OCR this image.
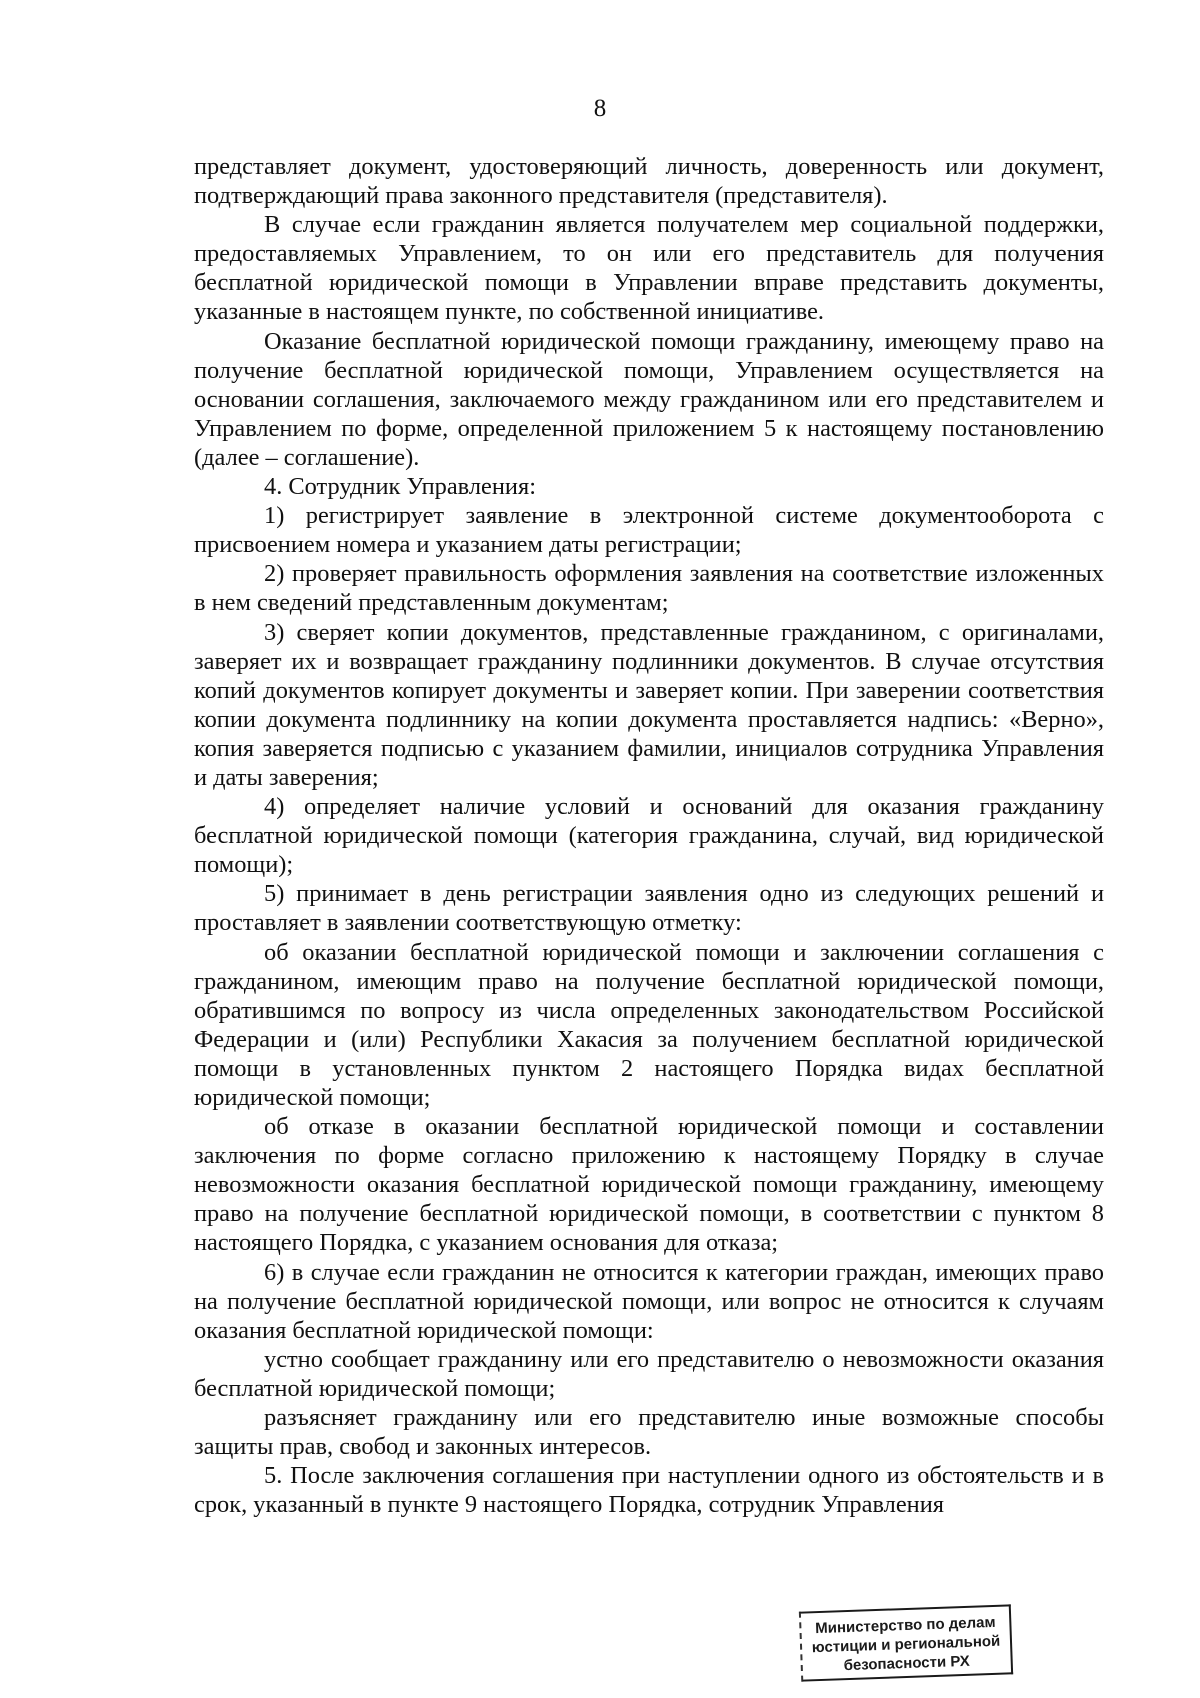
8

представляет документ, удостоверяющий личность, доверенность или документ, подтверждающий права законного представителя (представителя).

В случае если гражданин является получателем мер социальной поддержки, предоставляемых Управлением, то он или его представитель для получения бесплатной юридической помощи в Управлении вправе представить документы, указанные в настоящем пункте, по собственной инициативе.

Оказание бесплатной юридической помощи гражданину, имеющему право на получение бесплатной юридической помощи, Управлением осуществляется на основании соглашения, заключаемого между гражданином или его представителем и Управлением по форме, определенной приложением 5 к настоящему постановлению (далее – соглашение).

4. Сотрудник Управления:

1) регистрирует заявление в электронной системе документооборота с присвоением номера и указанием даты регистрации;

2) проверяет правильность оформления заявления на соответствие изложенных в нем сведений представленным документам;

3) сверяет копии документов, представленные гражданином, с оригиналами, заверяет их и возвращает гражданину подлинники документов. В случае отсутствия копий документов копирует документы и заверяет копии. При заверении соответствия копии документа подлиннику на копии документа проставляется надпись: «Верно», копия заверяется подписью с указанием фамилии, инициалов сотрудника Управления и даты заверения;

4) определяет наличие условий и оснований для оказания гражданину бесплатной юридической помощи (категория гражданина, случай, вид юридической помощи);

5) принимает в день регистрации заявления одно из следующих решений и проставляет в заявлении соответствующую отметку:

об оказании бесплатной юридической помощи и заключении соглашения с гражданином, имеющим право на получение бесплатной юридической помощи, обратившимся по вопросу из числа определенных законодательством Российской Федерации и (или) Республики Хакасия за получением бесплатной юридической помощи в установленных пунктом 2 настоящего Порядка видах бесплатной юридической помощи;

об отказе в оказании бесплатной юридической помощи и составлении заключения по форме согласно приложению к настоящему Порядку в случае невозможности оказания бесплатной юридической помощи гражданину, имеющему право на получение бесплатной юридической помощи, в соответствии с пунктом 8 настоящего Порядка, с указанием основания для отказа;

6) в случае если гражданин не относится к категории граждан, имеющих право на получение бесплатной юридической помощи, или вопрос не относится к случаям оказания бесплатной юридической помощи:

устно сообщает гражданину или его представителю о невозможности оказания бесплатной юридической помощи;

разъясняет гражданину или его представителю иные возможные способы защиты прав, свобод и законных интересов.

5. После заключения соглашения при наступлении одного из обстоятельств и в срок, указанный в пункте 9 настоящего Порядка, сотрудник Управления

Министерство по делам
юстиции и региональной
безопасности РХ
